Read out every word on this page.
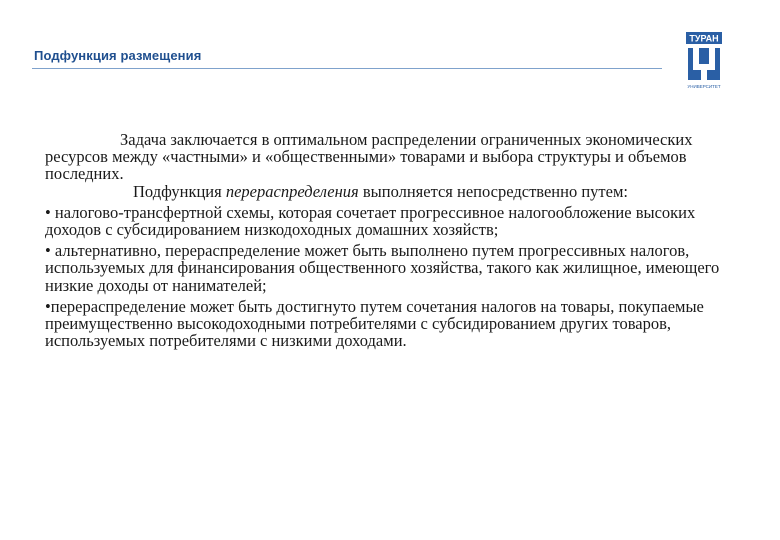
Подфункция размещения
ТУРАН
УНИВЕРСИТЕТ

Задача заключается в оптимальном распределении ограниченных экономических ресурсов между «частными» и «общественными» товарами и выбора структуры и объемов последних.

Подфункция перераспределения выполняется непосредственно путем:

• налогово-трансфертной схемы, которая сочетает прогрессивное налогообложение высоких доходов с субсидированием низкодоходных домашних хозяйств;

• альтернативно, перераспределение может быть выполнено путем прогрессивных налогов, используемых для финансирования общественного хозяйства, такого как жилищное, имеющего низкие доходы от нанимателей;

•перераспределение может быть достигнуто путем сочетания налогов на товары, покупаемые преимущественно высокодоходными потребителями с субсидированием других товаров, используемых потребителями с низкими доходами.
